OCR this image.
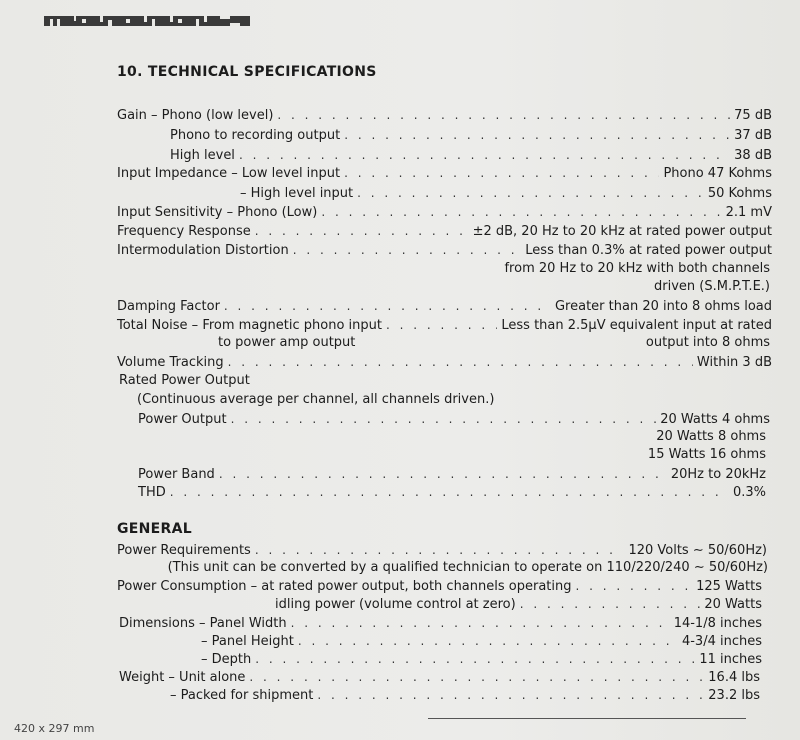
10. TECHNICAL SPECIFICATIONS
Gain – Phono (low level) . . .	75 dB
Phono to recording output . . .	37 dB
High level . . .	38 dB
Input Impedance – Low level input . . .	Phono 47 Kohms
– High level input . . .	50 Kohms
Input Sensitivity – Phono (Low) . . .	2.1 mV
Frequency Response . . .	±2 dB, 20 Hz to 20 kHz at rated power output
Intermodulation Distortion . . .	Less than 0.3% at rated power output
from 20 Hz to 20 kHz with both channels
driven (S.M.P.T.E.)
Damping Factor . . .	Greater than 20 into 8 ohms load
Total Noise – From magnetic phono input . . .	Less than 2.5µV equivalent input at rated
to power amp output	output into 8 ohms
Volume Tracking . . .	Within 3 dB
Rated Power Output
(Continuous average per channel, all channels driven.)
Power Output . . .	20 Watts 4 ohms
20 Watts 8 ohms
15 Watts 16 ohms
Power Band . . .	20Hz to 20kHz
THD . . .	0.3%
GENERAL
Power Requirements . . .	120 Volts ∼ 50/60Hz)
(This unit can be converted by a qualified technician to operate on 110/220/240 ∼ 50/60Hz)
Power Consumption – at rated power output, both channels operating . . .	125 Watts
idling power (volume control at zero) . . .	20 Watts
Dimensions – Panel Width . . .	14-1/8 inches
– Panel Height . . .	4-3/4 inches
– Depth . . .	11 inches
Weight – Unit alone . . .	16.4 lbs
– Packed for shipment . . .	23.2 lbs
420 x 297 mm
